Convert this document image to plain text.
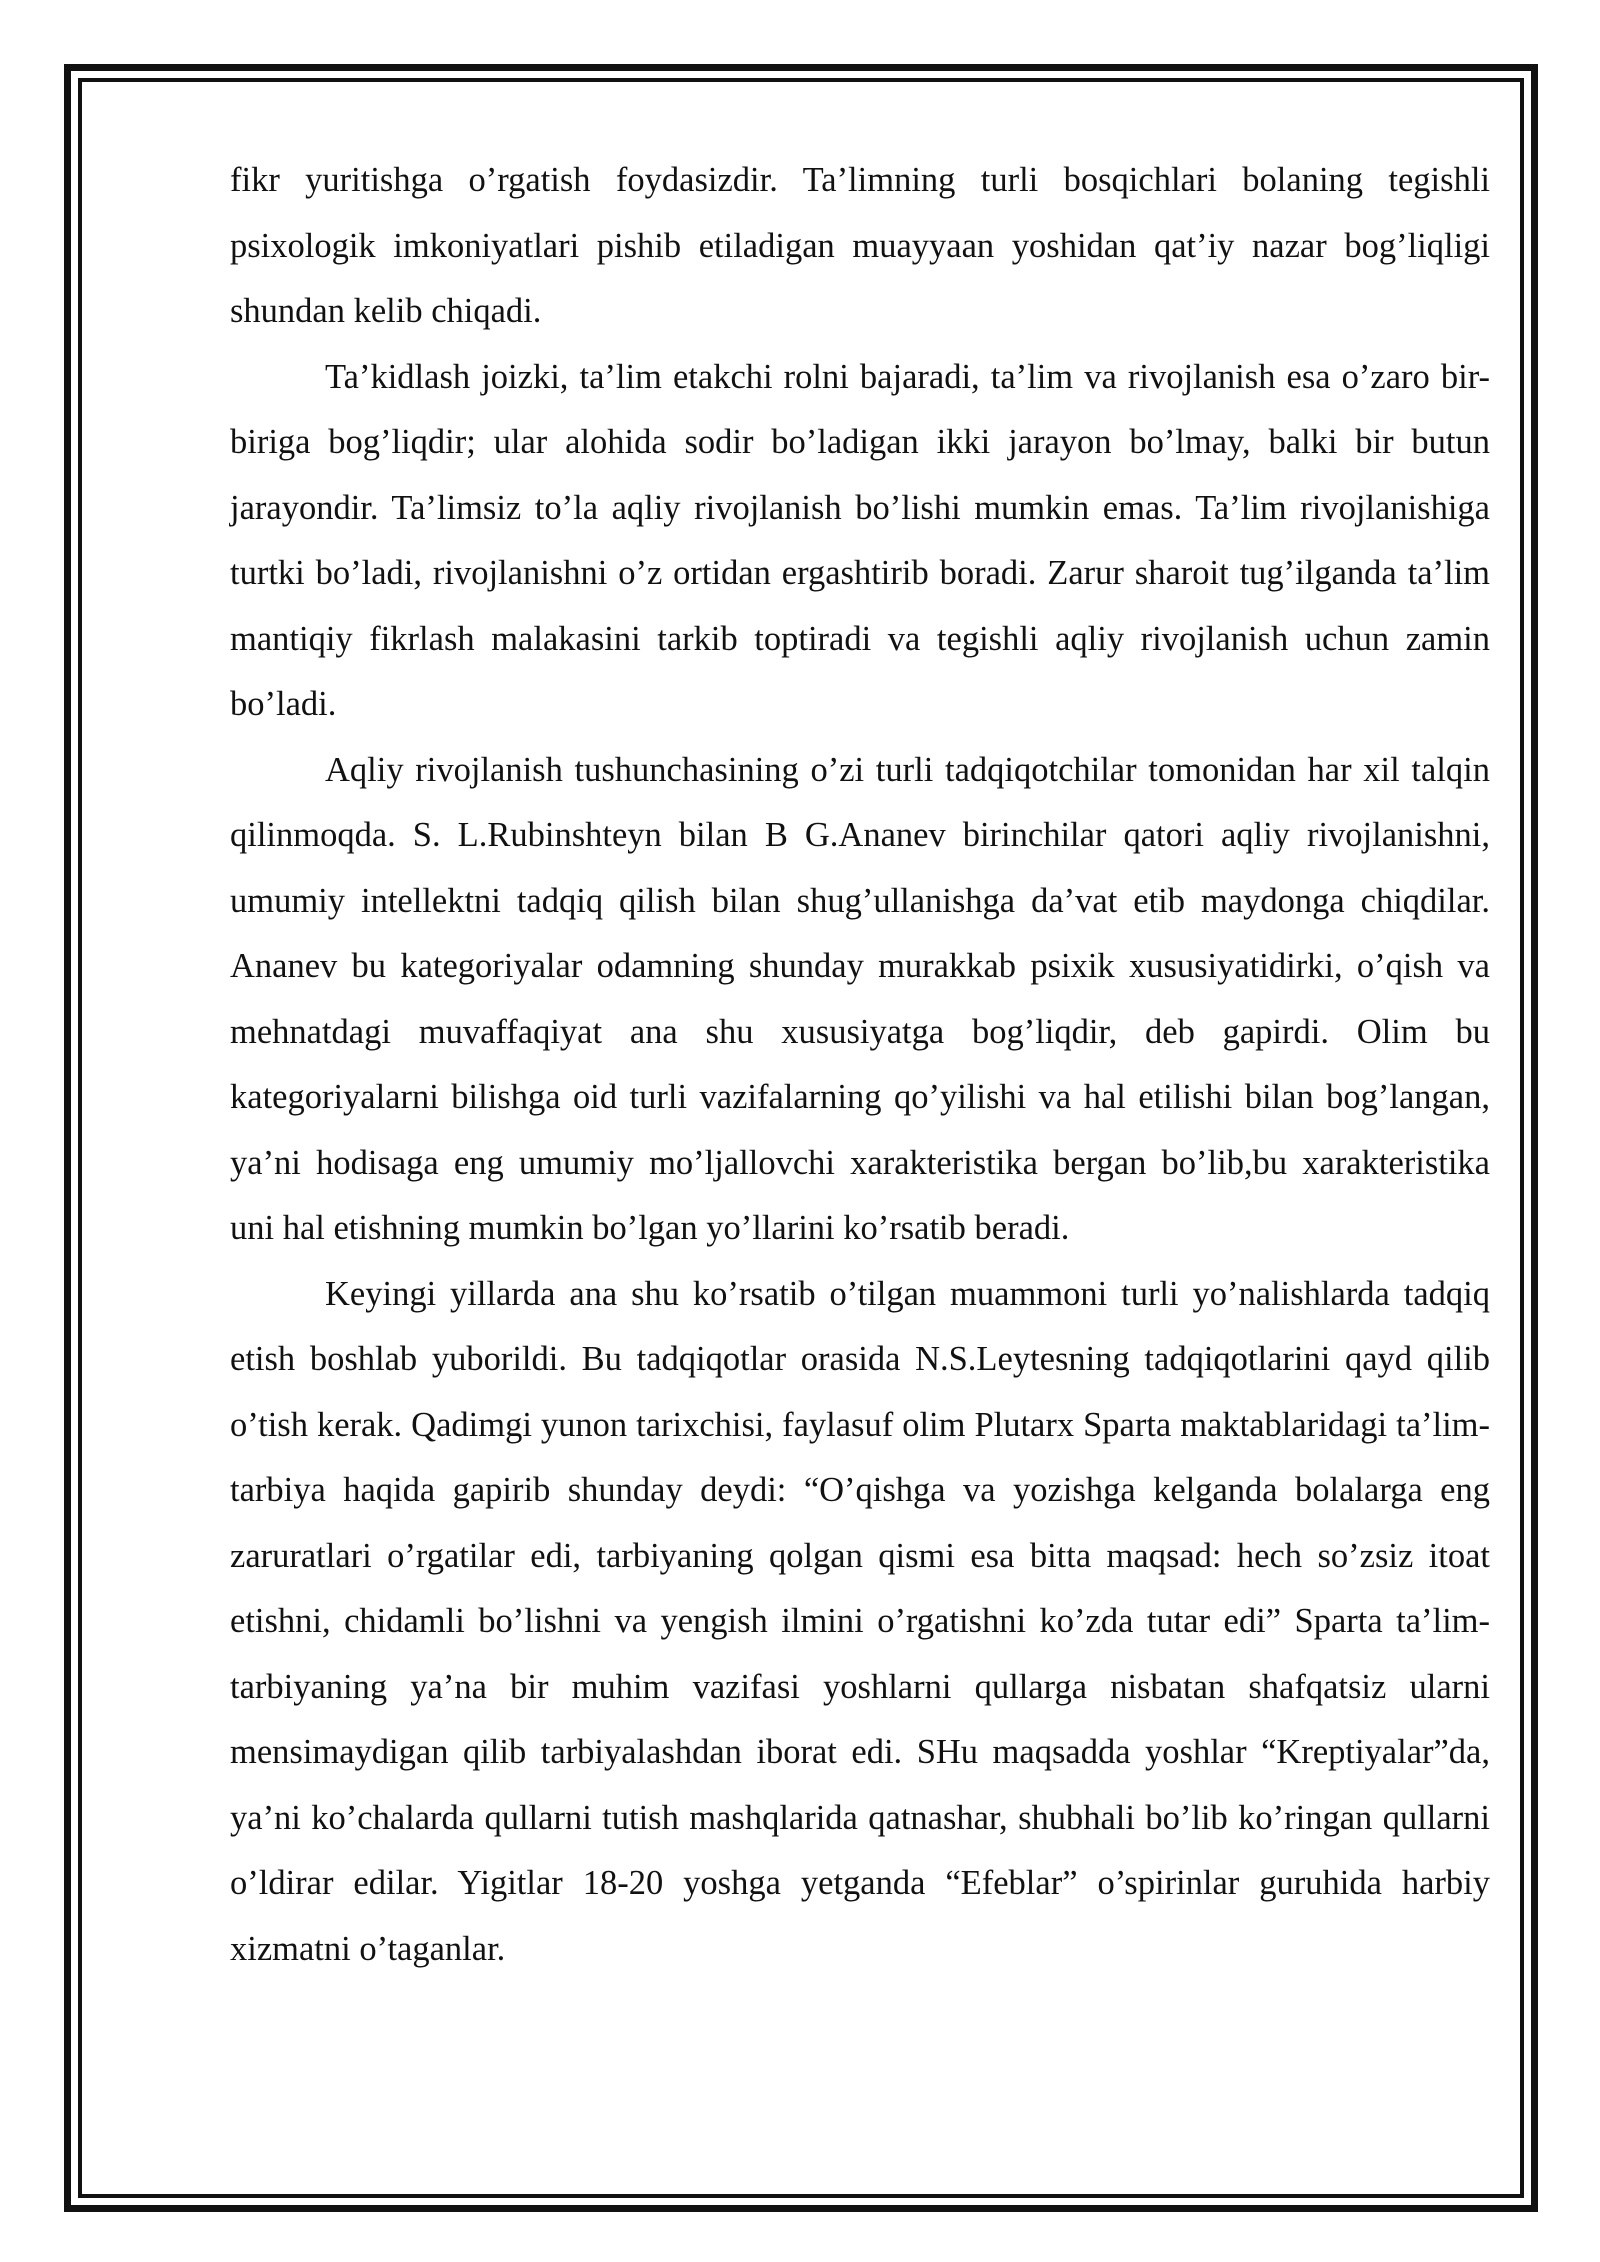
fikr yuritishga o’rgatish foydasizdir. Ta’limning turli bosqichlari bolaning tegishli psixologik imkoniyatlari pishib etiladigan muayyaan yoshidan qat’iy nazar bog’liqligi shundan kelib chiqadi.

Ta’kidlash joizki, ta’lim etakchi rolni bajaradi, ta’lim va rivojlanish esa o’zaro bir-biriga bog’liqdir; ular alohida sodir bo’ladigan ikki jarayon bo’lmay, balki bir butun jarayondir. Ta’limsiz to’la aqliy rivojlanish bo’lishi mumkin emas. Ta’lim rivojlanishiga turtki bo’ladi, rivojlanishni o’z ortidan ergashtirib boradi. Zarur sharoit tug’ilganda ta’lim mantiqiy fikrlash malakasini tarkib toptiradi va tegishli aqliy rivojlanish uchun zamin bo’ladi.

Aqliy rivojlanish tushunchasining o’zi turli tadqiqotchilar tomonidan har xil talqin qilinmoqda. S. L.Rubinshteyn bilan B G.Ananev birinchilar qatori aqliy rivojlanishni, umumiy intellektni tadqiq qilish bilan shug’ullanishga da’vat etib maydonga chiqdilar. Ananev bu kategoriyalar odamning shunday murakkab psixik xususiyatidirki, o’qish va mehnatdagi muvaffaqiyat ana shu xususiyatga bog’liqdir, deb gapirdi. Olim bu kategoriyalarni bilishga oid turli vazifalarning qo’yilishi va hal etilishi bilan bog’langan, ya’ni hodisaga eng umumiy mo’ljallovchi xarakteristika bergan bo’lib,bu xarakteristika uni hal etishning mumkin bo’lgan yo’llarini ko’rsatib beradi.

Keyingi yillarda ana shu ko’rsatib o’tilgan muammoni turli yo’nalishlarda tadqiq etish boshlab yuborildi. Bu tadqiqotlar orasida N.S.Leytesning tadqiqotlarini qayd qilib o’tish kerak. Qadimgi yunon tarixchisi, faylasuf olim Plutarx Sparta maktablaridagi ta’lim-tarbiya haqida gapirib shunday deydi: “O’qishga va yozishga kelganda bolalarga eng zaruratlari o’rgatilar edi, tarbiyaning qolgan qismi esa bitta maqsad: hech so’zsiz itoat etishni, chidamli bo’lishni va yengish ilmini o’rgatishni ko’zda tutar edi” Sparta ta’lim-tarbiyaning ya’na bir muhim vazifasi yoshlarni qullarga nisbatan shafqatsiz ularni mensimaydigan qilib tarbiyalashdan iborat edi. SHu maqsadda yoshlar “Kreptiyalar”da, ya’ni ko’chalarda qullarni tutish mashqlarida qatnashar, shubhali bo’lib ko’ringan qullarni o’ldirar edilar. Yigitlar 18-20 yoshga yetganda “Efeblar” o’spirinlar guruhida harbiy xizmatni o’taganlar.
